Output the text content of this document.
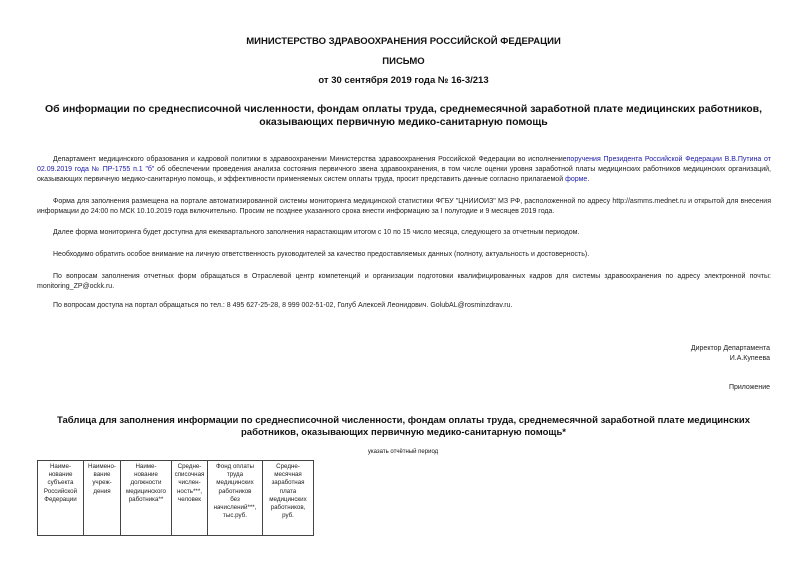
МИНИСТЕРСТВО ЗДРАВООХРАНЕНИЯ РОССИЙСКОЙ ФЕДЕРАЦИИ
ПИСЬМО
от 30 сентября 2019 года № 16-3/213
Об информации по среднесписочной численности, фондам оплаты труда, среднемесячной заработной плате медицинских работников, оказывающих первичную медико-санитарную помощь
Департамент медицинского образования и кадровой политики в здравоохранении Министерства здравоохранения Российской Федерации во исполнениепоручения Президента Российской Федерации В.В.Путина от 02.09.2019 года № ПР-1755 п.1 "б" об обеспечении проведения анализа состояния первичного звена здравоохранения, в том числе оценки уровня заработной платы медицинских работников медицинских организаций, оказывающих первичную медико-санитарную помощь, и эффективности применяемых систем оплаты труда, просит представить данные согласно прилагаемой форме.
Форма для заполнения размещена на портале автоматизированной системы мониторинга медицинской статистики ФГБУ "ЦНИИОИЗ" МЗ РФ, расположенной по адресу http://asmms.mednet.ru и открытой для внесения информации до 24:00 по МСК 10.10.2019 года включительно. Просим не позднее указанного срока внести информацию за I полугодие и 9 месяцев 2019 года.
Далее форма мониторинга будет доступна для ежеквартального заполнения нарастающим итогом с 10 по 15 число месяца, следующего за отчетным периодом.
Необходимо обратить особое внимание на личную ответственность руководителей за качество предоставляемых данных (полноту, актуальность и достоверность).
По вопросам заполнения отчетных форм обращаться в Отраслевой центр компетенций и организации подготовки квалифицированных кадров для системы здравоохранения по адресу электронной почты: monitoring_ZP@ockk.ru.
По вопросам доступа на портал обращаться по тел.: 8 495 627-25-28, 8 999 002-51-02, Голуб Алексей Леонидович. GolubAL@rosminzdrav.ru.
Директор Департамента
И.А.Купеева
Приложение
Таблица для заполнения информации по среднесписочной численности, фондам оплаты труда, среднемесячной заработной плате медицинских работников, оказывающих первичную медико-санитарную помощь*
указать отчётный период
Наиме-
нование
субъекта
Российской
Федерации	Наимено-
вание
учреж-
дения	Наиме-
нование
должности
медицинского
работника**	Средне-
списочная
числен-
ность***,
человек	Фонд оплаты
труда
медицинских
работников
без
начислений***,
тыс.руб.	Средне-
месячная
заработная
плата
медицинских
работников,
руб.
